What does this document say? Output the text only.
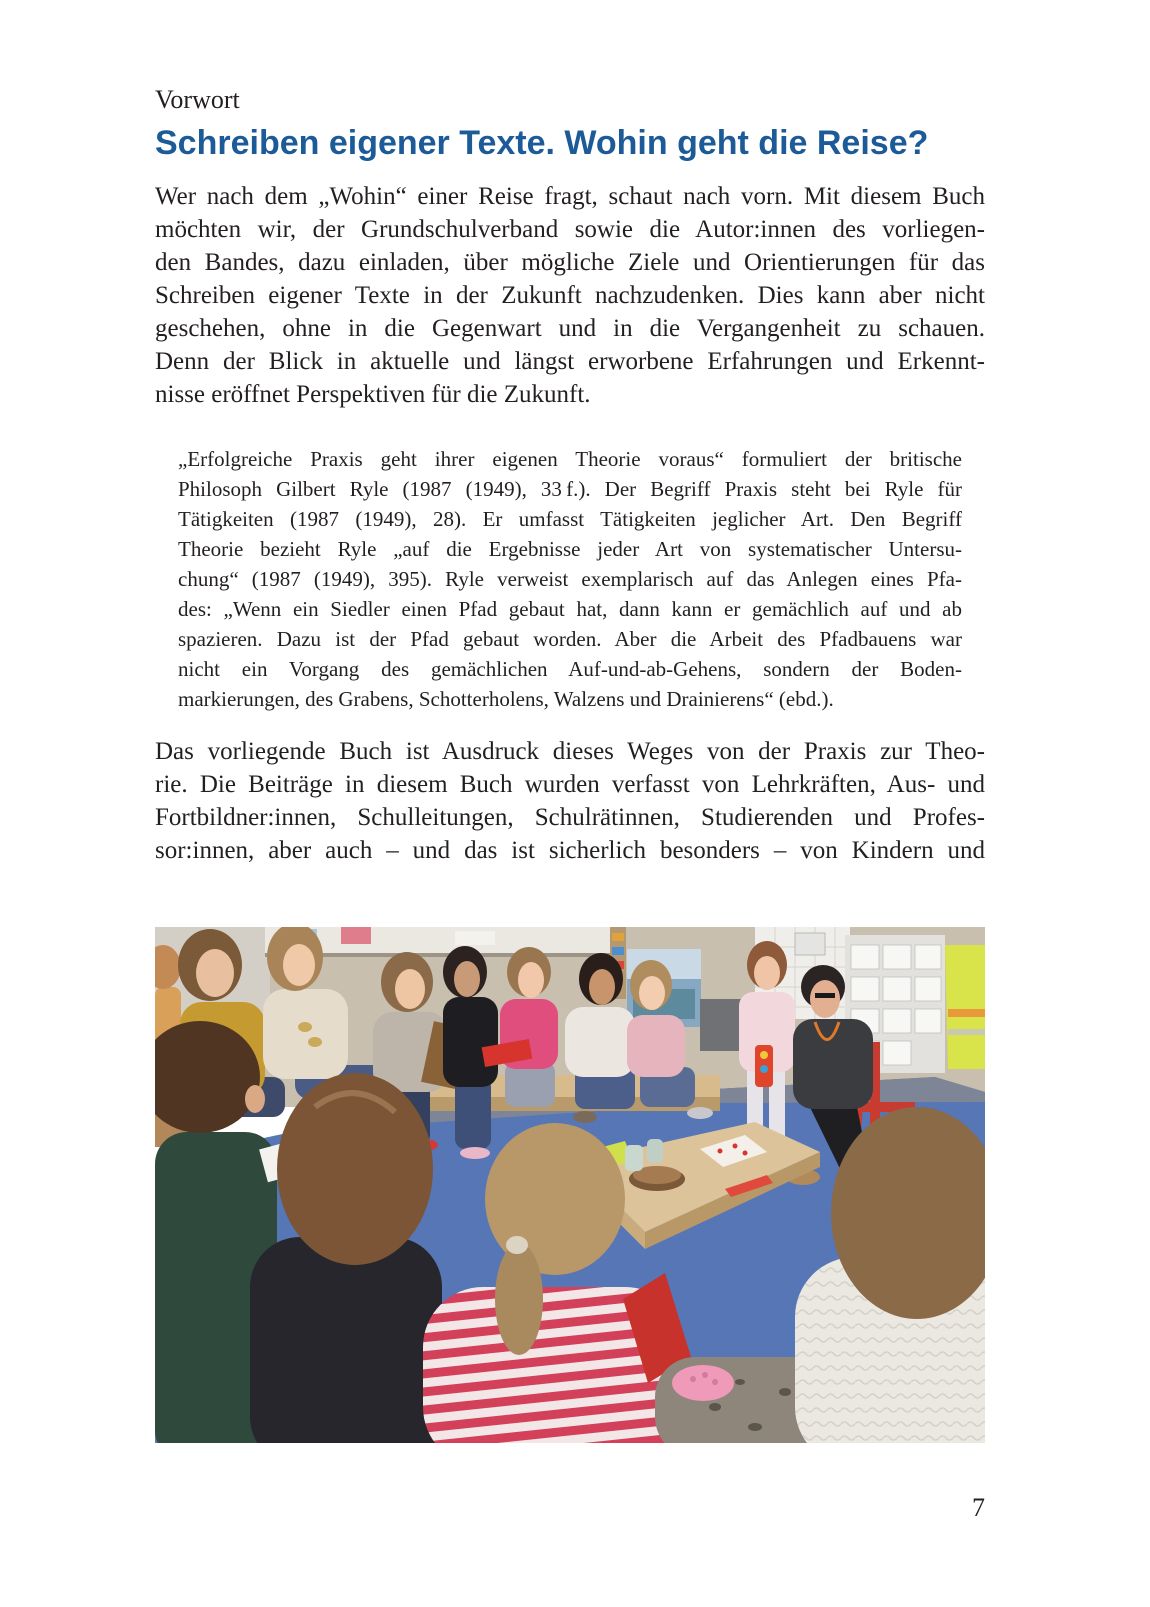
Vorwort
Schreiben eigener Texte. Wohin geht die Reise?
Wer nach dem „Wohin“ einer Reise fragt, schaut nach vorn. Mit diesem Buch
möchten wir, der Grundschulverband sowie die Autor:innen des vorliegen-
den Bandes, dazu einladen, über mögliche Ziele und Orientierungen für das
Schreiben eigener Texte in der Zukunft nachzudenken. Dies kann aber nicht
geschehen, ohne in die Gegenwart und in die Vergangenheit zu schauen.
Denn der Blick in aktuelle und längst erworbene Erfahrungen und Erkennt-
nisse eröffnet Perspektiven für die Zukunft.
„Erfolgreiche Praxis geht ihrer eigenen Theorie voraus“ formuliert der britische
Philosoph Gilbert Ryle (1987 (1949), 33 f.). Der Begriff Praxis steht bei Ryle für
Tätigkeiten (1987 (1949), 28). Er umfasst Tätigkeiten jeglicher Art. Den Begriff
Theorie bezieht Ryle „auf die Ergebnisse jeder Art von systematischer Untersu-
chung“ (1987 (1949), 395). Ryle verweist exemplarisch auf das Anlegen eines Pfa-
des: „Wenn ein Siedler einen Pfad gebaut hat, dann kann er gemächlich auf und ab
spazieren. Dazu ist der Pfad gebaut worden. Aber die Arbeit des Pfadbauens war
nicht ein Vorgang des gemächlichen Auf-und-ab-Gehens, sondern der Boden-
markierungen, des Grabens, Schotterholens, Walzens und Drainierens“ (ebd.).
Das vorliegende Buch ist Ausdruck dieses Weges von der Praxis zur Theo-
rie. Die Beiträge in diesem Buch wurden verfasst von Lehrkräften, Aus- und
Fortbildner:innen, Schulleitungen, Schulrätinnen, Studierenden und Profes-
sor:innen, aber auch – und das ist sicherlich besonders – von Kindern und
7
